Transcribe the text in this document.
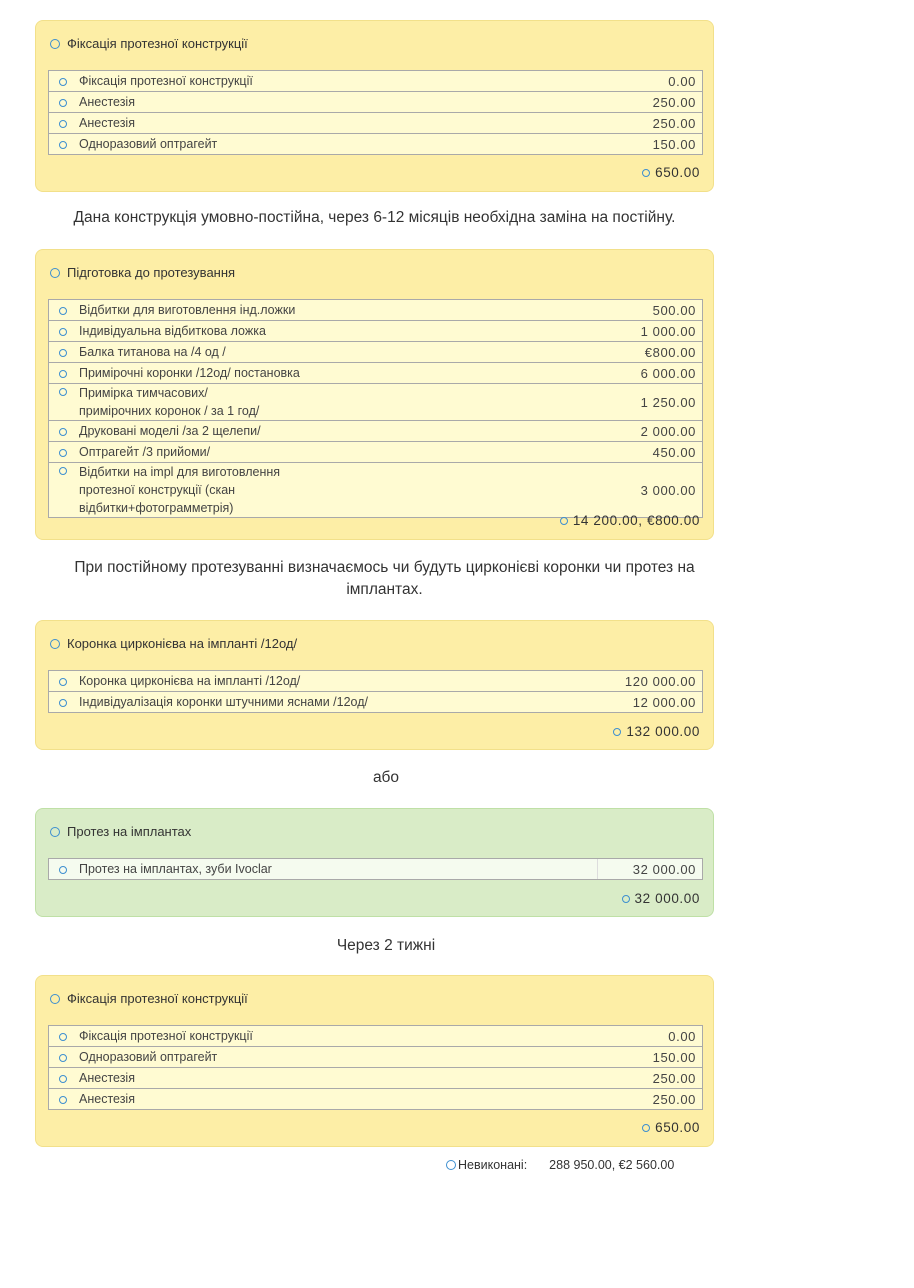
Фіксація протезної конструкції
Фіксація протезної конструкції	0.00

Анестезія	250.00

Анестезія	250.00

Одноразовий оптрагейт	150.00
650.00
Дана конструкція умовно-постійна, через 6-12 місяців необхідна заміна на постійну.
Підготовка до протезування
Відбитки для виготовлення інд.ложки	500.00

Індивідуальна відбиткова ложка	1 000.00

Балка титанова на /4 од /	€800.00

Примірочні коронки /12од/ постановка	6 000.00

Примірка тимчасових/примірочних коронок / за 1 год/	1 250.00

Друковані моделі /за 2 щелепи/	2 000.00

Оптрагейт /3 прийоми/	450.00

Відбитки на impl для виготовлення протезної конструкції (скан відбитки+фотограмметрія)	3 000.00
14 200.00, €800.00
При постійному протезуванні визначаємось чи будуть цирконієві коронки чи протез на імплантах.
Коронка цирконієва на імпланті /12од/
Коронка цирконієва на імпланті /12од/	120 000.00

Індивідуалізація коронки штучними яснами /12од/	12 000.00
132 000.00
або
Протез на імплантах
Протез на імплантах, зуби Ivoclar	32 000.00
32 000.00
Через 2 тижні
Фіксація протезної конструкції
Фіксація протезної конструкції	0.00

Одноразовий оптрагейт	150.00

Анестезія	250.00

Анестезія	250.00
650.00
Невиконані: 288 950.00, €2 560.00
